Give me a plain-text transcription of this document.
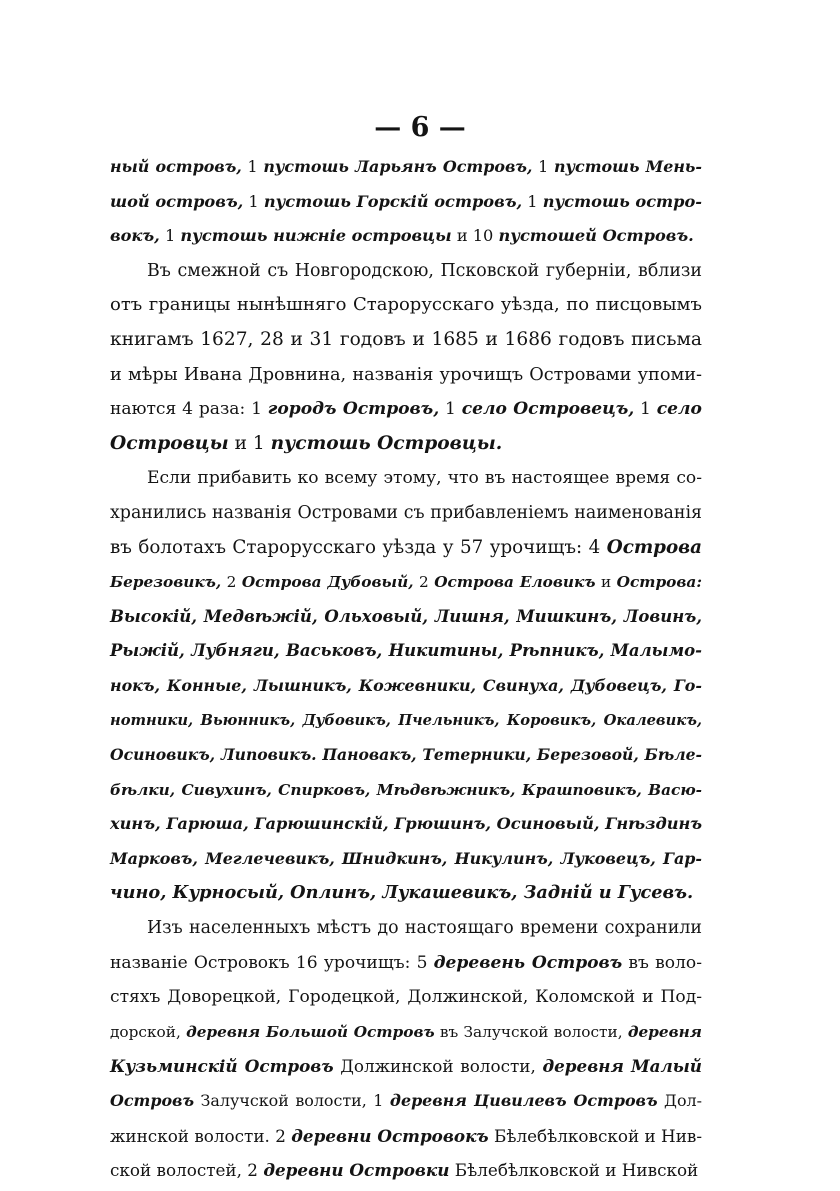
— 6 —
ный островъ, 1 пустошь Ларьянъ Островъ, 1 пустошь Мень-
шой островъ, 1 пустошь Горскій островъ, 1 пустошь остро-
вокъ, 1 пустошь нижніе островцы и 10 пустошей Островъ.
Въ смежной съ Новгородскою, Псковской губерніи, вблизи
отъ границы нынѣшняго Старорусскаго уѣзда, по писцовымъ
книгамъ 1627, 28 и 31 годовъ и 1685 и 1686 годовъ письма
и мѣры Ивана Дровнина, названія урочищъ Островами упоми-
наются 4 раза: 1 городъ Островъ, 1 село Островецъ, 1 село
Островцы и 1 пустошь Островцы.
Если прибавить ко всему этому, что въ настоящее время со-
хранились названія Островами съ прибавленіемъ наименованія
въ болотахъ Старорусскаго уѣзда у 57 урочищъ: 4 Острова
Березовикъ, 2 Острова Дубовый, 2 Острова Еловикъ и Острова:
Высокій, Медвѣжій, Ольховый, Лишня, Мишкинъ, Ловинъ,
Рыжій, Лубняги, Васьковъ, Никитины, Рѣпникъ, Малымо-
нокъ, Конные, Лышникъ, Кожевники, Свинуха, Дубовецъ, Го-
нотники, Вьюнникъ, Дубовикъ, Пчельникъ, Коровикъ, Окалевикъ,
Осиновикъ, Липовикъ. Пановакъ, Тетерники, Березовой, Бѣле-
бѣлки, Сивухинъ, Спирковъ, Мѣдвѣжникъ, Крашповикъ, Васю-
хинъ, Гарюша, Гарюшинскій, Грюшинъ, Осиновый, Гнѣздинъ
Марковъ, Меглечевикъ, Шнидкинъ, Никулинъ, Луковецъ, Гар-
чино, Курносый, Оплинъ, Лукашевикъ, Задній и Гусевъ.
Изъ населенныхъ мѣстъ до настоящаго времени сохранили
названіе Островокъ 16 урочищъ: 5 деревень Островъ въ воло-
стяхъ Доворецкой, Городецкой, Должинской, Коломской и Под-
дорской, деревня Большой Островъ въ Залучской волости, деревня
Кузьминскій Островъ Должинской волости, деревня Малый
Островъ Залучской волости, 1 деревня Цивилевъ Островъ Дол-
жинской волости. 2 деревни Островокъ Бѣлебѣлковской и Нив-
ской волостей, 2 деревни Островки Бѣлебѣлковской и Нивской
